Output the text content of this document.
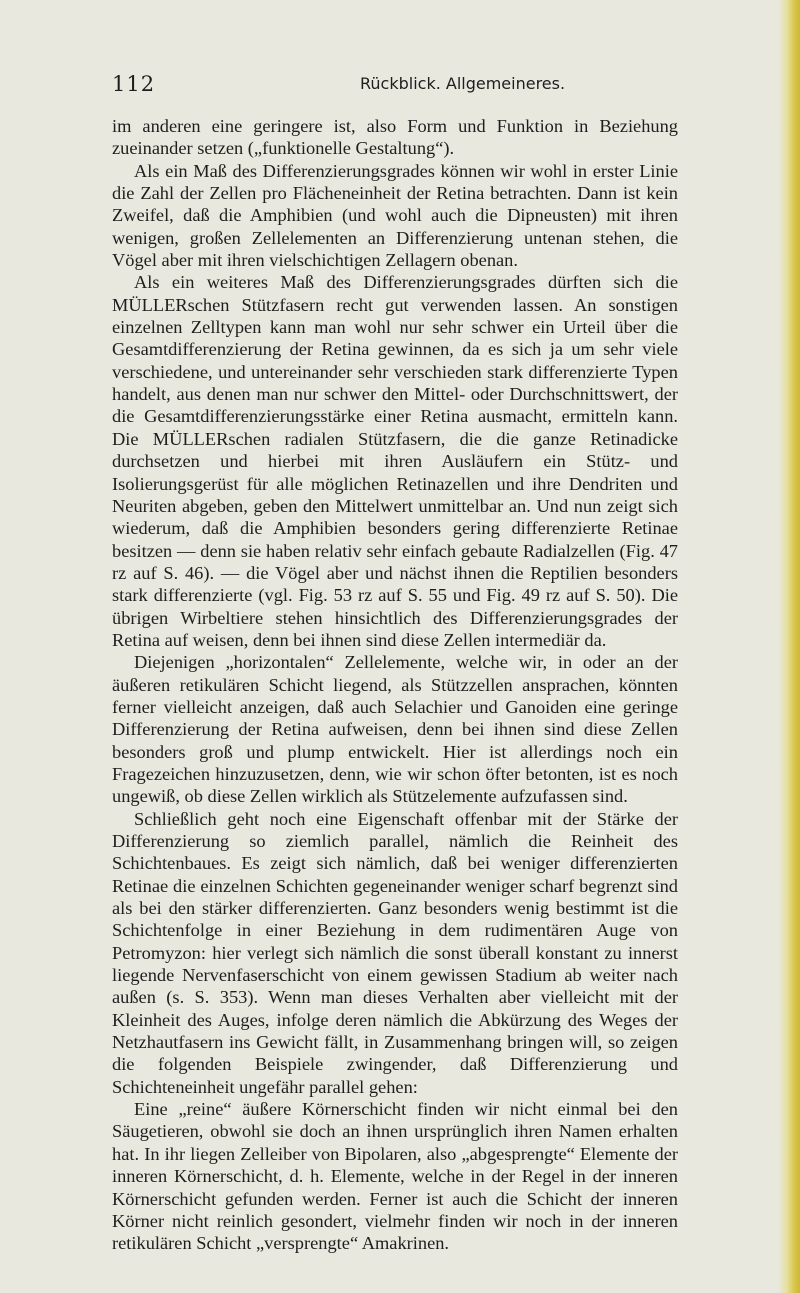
112	Rückblick. Allgemeineres.

im anderen eine geringere ist, also Form und Funktion in Beziehung zueinander setzen („funktionelle Gestaltung“).

Als ein Maß des Differenzierungsgrades können wir wohl in erster Linie die Zahl der Zellen pro Flächeneinheit der Retina betrachten. Dann ist kein Zweifel, daß die Amphibien (und wohl auch die Dipneusten) mit ihren wenigen, großen Zellelementen an Differenzierung untenan stehen, die Vögel aber mit ihren vielschichtigen Zellagern obenan.

Als ein weiteres Maß des Differenzierungsgrades dürften sich die MÜLLERschen Stützfasern recht gut verwenden lassen. An sonstigen einzelnen Zelltypen kann man wohl nur sehr schwer ein Urteil über die Gesamtdifferenzierung der Retina gewinnen, da es sich ja um sehr viele verschiedene, und untereinander sehr verschieden stark differenzierte Typen handelt, aus denen man nur schwer den Mittel- oder Durchschnittswert, der die Gesamtdifferenzierungsstärke einer Retina ausmacht, ermitteln kann. Die MÜLLERschen radialen Stützfasern, die die ganze Retinadicke durchsetzen und hierbei mit ihren Ausläufern ein Stütz- und Isolierungsgerüst für alle möglichen Retinazellen und ihre Dendriten und Neuriten abgeben, geben den Mittelwert unmittelbar an. Und nun zeigt sich wiederum, daß die Amphibien besonders gering differenzierte Retinae besitzen — denn sie haben relativ sehr einfach gebaute Radialzellen (Fig. 47 rz auf S. 46). — die Vögel aber und nächst ihnen die Reptilien besonders stark differenzierte (vgl. Fig. 53 rz auf S. 55 und Fig. 49 rz auf S. 50). Die übrigen Wirbeltiere stehen hinsichtlich des Differenzierungsgrades der Retina auf weisen, denn bei ihnen sind diese Zellen intermediär da.

Diejenigen „horizontalen“ Zellelemente, welche wir, in oder an der äußeren retikulären Schicht liegend, als Stützzellen ansprachen, könnten ferner vielleicht anzeigen, daß auch Selachier und Ganoiden eine geringe Differenzierung der Retina aufweisen, denn bei ihnen sind diese Zellen besonders groß und plump entwickelt. Hier ist allerdings noch ein Fragezeichen hinzuzusetzen, denn, wie wir schon öfter betonten, ist es noch ungewiß, ob diese Zellen wirklich als Stützelemente aufzufassen sind.

Schließlich geht noch eine Eigenschaft offenbar mit der Stärke der Differenzierung so ziemlich parallel, nämlich die Reinheit des Schichtenbaues. Es zeigt sich nämlich, daß bei weniger differenzierten Retinae die einzelnen Schichten gegeneinander weniger scharf begrenzt sind als bei den stärker differenzierten. Ganz besonders wenig bestimmt ist die Schichtenfolge in einer Beziehung in dem rudimentären Auge von Petromyzon: hier verlegt sich nämlich die sonst überall konstant zu innerst liegende Nervenfaserschicht von einem gewissen Stadium ab weiter nach außen (s. S. 353). Wenn man dieses Verhalten aber vielleicht mit der Kleinheit des Auges, infolge deren nämlich die Abkürzung des Weges der Netzhautfasern ins Gewicht fällt, in Zusammenhang bringen will, so zeigen die folgenden Beispiele zwingender, daß Differenzierung und Schichteneinheit ungefähr parallel gehen:

Eine „reine“ äußere Körnerschicht finden wir nicht einmal bei den Säugetieren, obwohl sie doch an ihnen ursprünglich ihren Namen erhalten hat. In ihr liegen Zelleiber von Bipolaren, also „abgesprengte“ Elemente der inneren Körnerschicht, d. h. Elemente, welche in der Regel in der inneren Körnerschicht gefunden werden. Ferner ist auch die Schicht der inneren Körner nicht reinlich gesondert, vielmehr finden wir noch in der inneren retikulären Schicht „versprengte“ Amakrinen.
